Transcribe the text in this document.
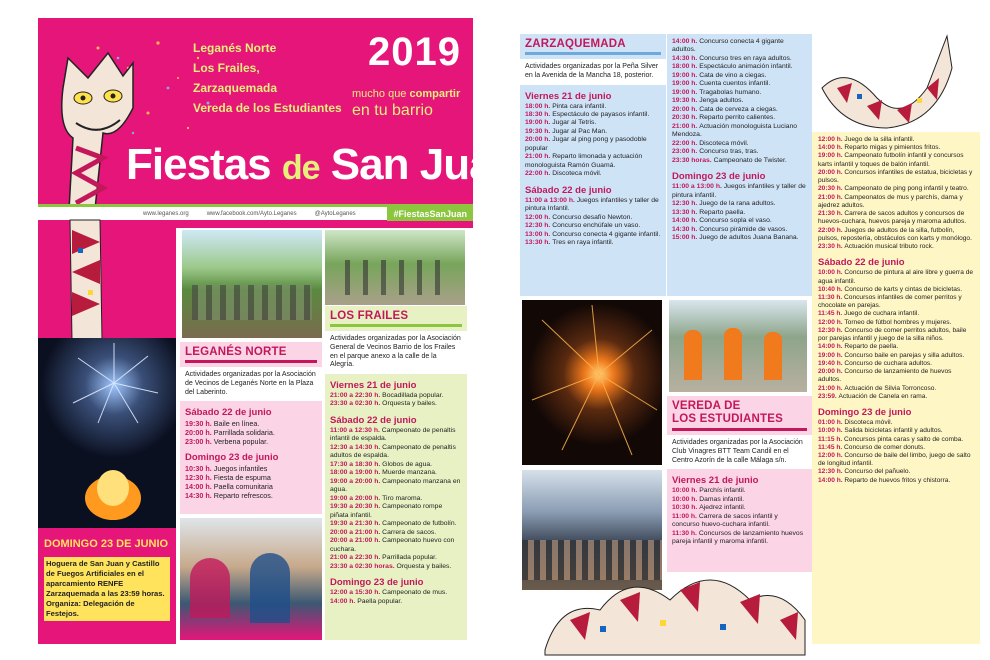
Leganés Norte
Los Frailes,
Zarzaquemada
Vereda de los Estudiantes
2019
mucho que compartir
en tu barrio
Fiestas de San Juan
www.leganes.org	www.facebook.com/Ayto.Leganes	@AytoLeganes	#FiestasSanJuan
DOMINGO 23 DE JUNIO
Hoguera de San Juan y Castillo de Fuegos Artificiales en el aparcamiento RENFE Zarzaquemada a las 23:59 horas. Organiza: Delegación de Festejos.
LEGANÉS NORTE
Actividades organizadas por la Asociación de Vecinos de Leganés Norte en la Plaza del Laberinto.
Sábado 22 de junio
19:30 h. Baile en línea.
20:00 h. Parrillada solidaria.
23:00 h. Verbena popular.
Domingo 23 de junio
10:30 h. Juegos infantiles
12:30 h. Fiesta de espuma
14:00 h. Paella comunitaria
14:30 h. Reparto refrescos.
LOS FRAILES
Actividades organizadas por la Asociación General de Vecinos Barrio de los Frailes en el parque anexo a la calle de la Alegría.
Viernes 21 de junio
21:00 a 22:30 h. Bocadillada popular.
23:30 a 02:30 h. Orquesta y bailes.
Sábado 22 de junio
11:00 a 12:30 h. Campeonato de penaltis infantil de espalda.
12:30 a 14:30 h. Campeonato de penaltis adultos de espalda.
17:30 a 18:30 h. Globos de agua.
18:00 a 19:00 h. Muerde manzana.
19:00 a 20:00 h. Campeonato manzana en agua.
19:00 a 20:00 h. Tiro maroma.
19:30 a 20:30 h. Campeonato rompe piñata infantil.
19:30 a 21:30 h. Campeonato de futbolín.
20:00 a 21:00 h. Carrera de sacos.
20:00 a 21:00 h. Campeonato huevo con cuchara.
21:00 a 22:30 h. Parrillada popular.
23:30 a 02:30 horas. Orquesta y bailes.
Domingo 23 de junio
12:00 a 15:30 h. Campeonato de mus.
14:00 h. Paella popular.
ZARZAQUEMADA
Actividades organizadas por la Peña Silver en la Avenida de la Mancha 18, posterior.
Viernes 21 de junio
18:00 h. Pinta cara infantil.
18:30 h. Espectáculo de payasos infantil.
19:00 h. Jugar al Tetris.
19:30 h. Jugar al Pac Man.
20:00 h. Jugar al ping pong y pasodoble popular
21:00 h. Reparto limonada y actuación monologuista Ramón Guamá.
22:00 h. Discoteca móvil.
Sábado 22 de junio
11:00 a 13:00 h. Juegos infantiles y taller de pintura Infantil.
12:00 h. Concurso desafío Newton.
12:30 h. Concurso enchúfale un vaso.
13:00 h. Concurso conecta 4 gigante infantil.
13:30 h. Tres en raya infantil.
14:00 h. Concurso conecta 4 gigante adultos.
14:30 h. Concurso tres en raya adultos.
18:00 h. Espectáculo animación infantil.
19:00 h. Cata de vino a ciegas.
19:00 h. Cuenta cuentos infantil.
19:00 h. Tragabolas humano.
19:30 h. Jenga adultos.
20:00 h. Cata de cerveza a ciegas.
20:30 h. Reparto perrito calientes.
21:00 h. Actuación monologuista Luciano Mendoza.
22:00 h. Discoteca móvil.
23:00 h. Concurso tras, tras.
23:30 horas. Campeonato de Twister.
Domingo 23 de junio
11:00 a 13:00 h. Juegos infantiles y taller de pintura infantil.
12:30 h. Juego de la rana adultos.
13:30 h. Reparto paella.
14:00 h. Concurso sopla el vaso.
14:30 h. Concurso pirámide de vasos.
15:00 h. Juego de adultos Juana Banana.
12:00 h. Juego de la silla infantil.
14:00 h. Reparto migas y pimientos fritos.
19:00 h. Campeonato futbolín infantil y concursos karts infantil y toques de balón infantil.
20:00 h. Concursos infantiles de estatua, bicicletas y pulsos.
20:30 h. Campeonato de ping pong infantil y teatro.
21:00 h. Campeonatos de mus y parchís, dama y ajedrez adultos.
21:30 h. Carrera de sacos adultos y concursos de huevos-cuchara, huevos pareja y maroma adultos.
22:00 h. Juegos de adultos de la silla, futbolín, pulsos, repostería, obstáculos con karts y monólogo.
23:30 h. Actuación musical tributo rock.
Sábado 22 de junio
10:00 h. Concurso de pintura al aire libre y guerra de agua infantil.
10:40 h. Concurso de karts y cintas de bicicletas.
11:30 h. Concursos infantiles de comer perritos y chocolate en parejas.
11:45 h. Juego de cuchara infantil.
12:00 h. Torneo de fútbol hombres y mujeres.
12:30 h. Concurso de comer perritos adultos, baile por parejas infantil y juego de la silla niños.
14:00 h. Reparto de paella.
19:00 h. Concurso baile en parejas y silla adultos.
19:40 h. Concurso de cuchara adultos.
20:00 h. Concurso de lanzamiento de huevos adultos.
21:00 h. Actuación de Silvia Torroncoso.
23:59. Actuación de Canela en rama.
Domingo 23 de junio
01:00 h. Discoteca móvil.
10:00 h. Salida bicicletas infantil y adultos.
11:15 h. Concursos pinta caras y salto de comba.
11:45 h. Concurso de comer donuts.
12:00 h. Concurso de baile del limbo, juego de salto de longitud infantil.
12:30 h. Concurso del pañuelo.
14:00 h. Reparto de huevos fritos y chistorra.
VEREDA DE
LOS ESTUDIANTES
Actividades organizadas por la Asociación Club Vinagres BTT Team Candil en el Centro Azorín de la calle Málaga s/n.
Viernes 21 de junio
10:00 h. Parchís infantil.
10:00 h. Damas infantil.
10:30 h. Ajedrez infantil.
11:00 h. Carrera de sacos infantil y concurso huevo-cuchara infantil.
11:30 h. Concursos de lanzamiento huevos pareja infantil y maroma infantil.
